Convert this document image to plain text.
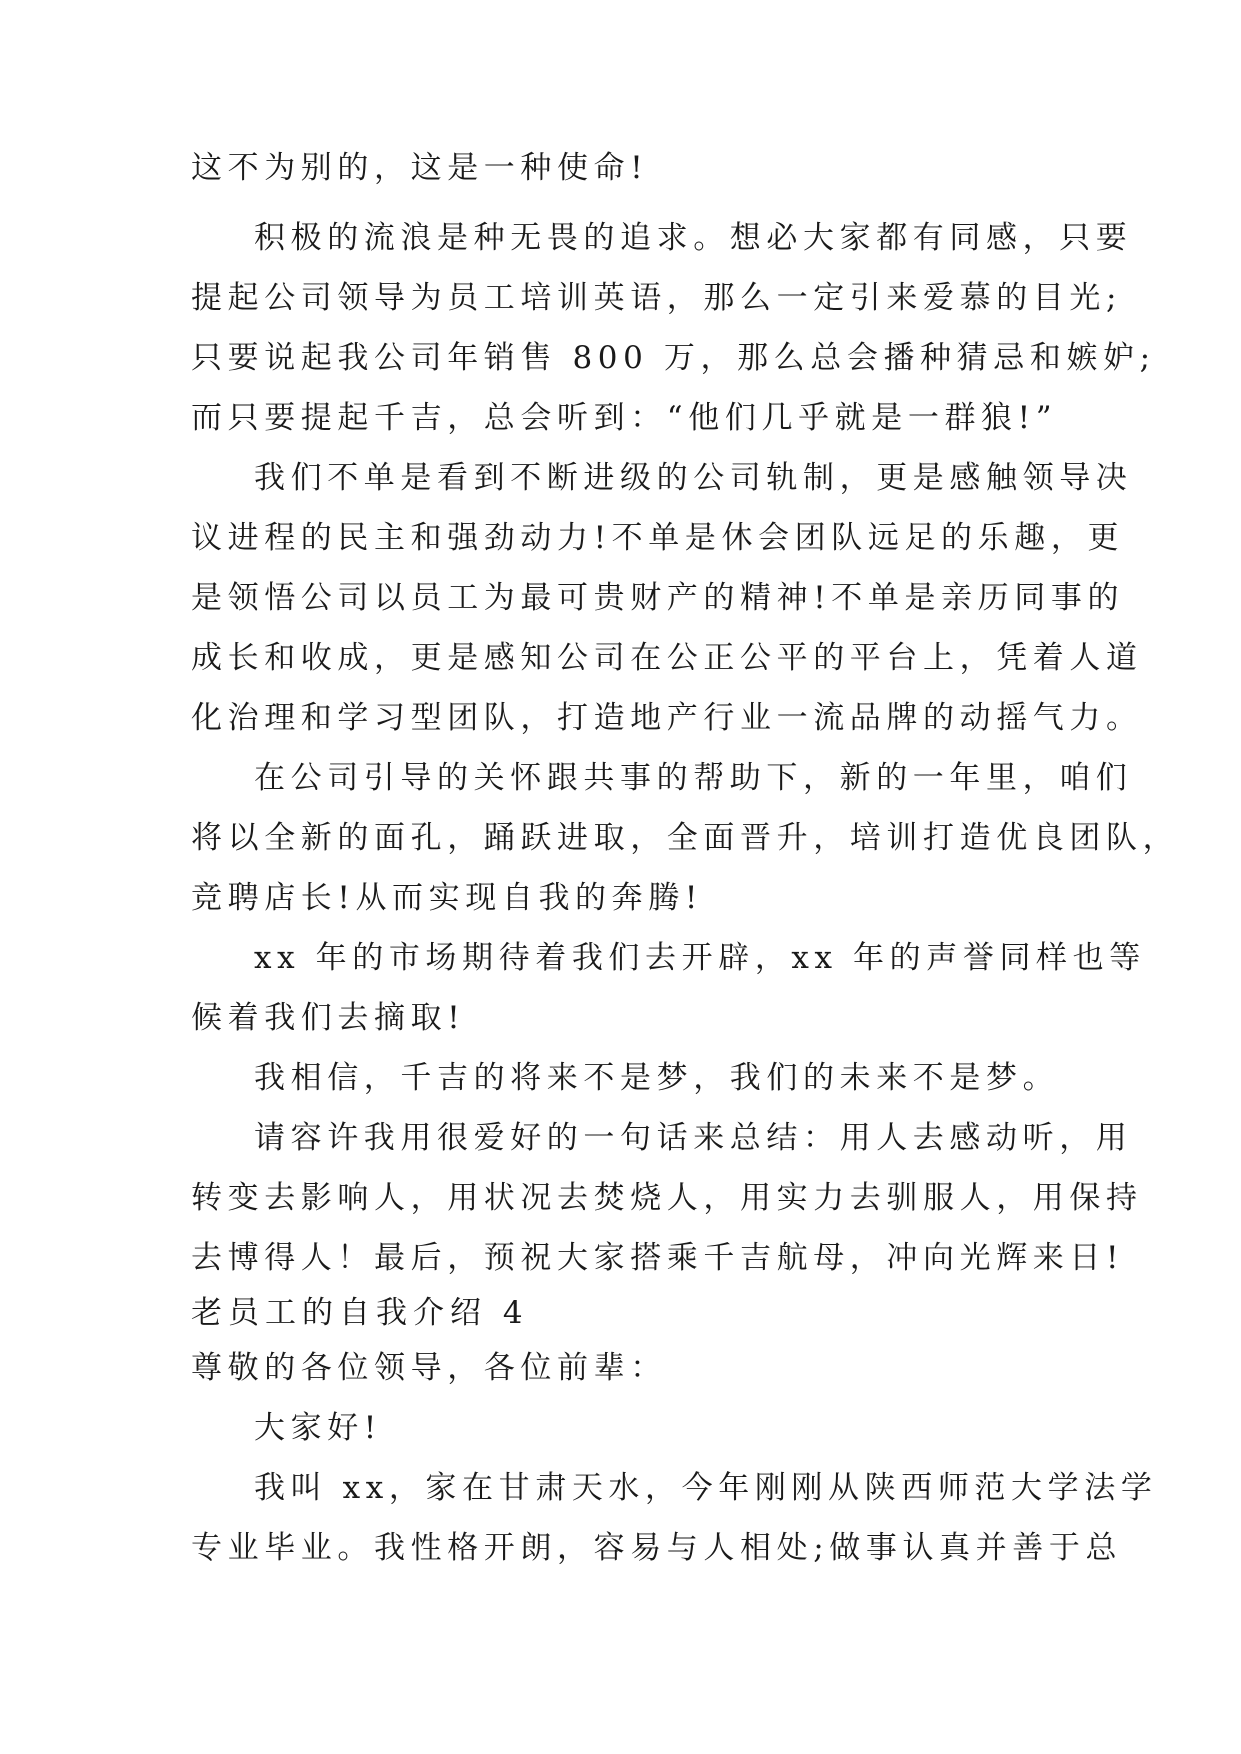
这不为别的，这是一种使命!
积极的流浪是种无畏的追求。想必大家都有同感，只要
提起公司领导为员工培训英语，那么一定引来爱慕的目光;
只要说起我公司年销售 800 万，那么总会播种猜忌和嫉妒;
而只要提起千吉，总会听到：“他们几乎就是一群狼!”
我们不单是看到不断进级的公司轨制，更是感触领导决
议进程的民主和强劲动力!不单是休会团队远足的乐趣，更
是领悟公司以员工为最可贵财产的精神!不单是亲历同事的
成长和收成，更是感知公司在公正公平的平台上，凭着人道
化治理和学习型团队，打造地产行业一流品牌的动摇气力。
在公司引导的关怀跟共事的帮助下，新的一年里，咱们
将以全新的面孔，踊跃进取，全面晋升，培训打造优良团队，
竞聘店长!从而实现自我的奔腾!
xx 年的市场期待着我们去开辟，xx 年的声誉同样也等
候着我们去摘取!
我相信，千吉的将来不是梦，我们的未来不是梦。
请容许我用很爱好的一句话来总结：用人去感动听，用
转变去影响人，用状况去焚烧人，用实力去驯服人，用保持
去博得人！最后，预祝大家搭乘千吉航母，冲向光辉来日!
老员工的自我介绍 4
尊敬的各位领导，各位前辈：
大家好!
我叫 xx，家在甘肃天水，今年刚刚从陕西师范大学法学
专业毕业。我性格开朗，容易与人相处;做事认真并善于总
